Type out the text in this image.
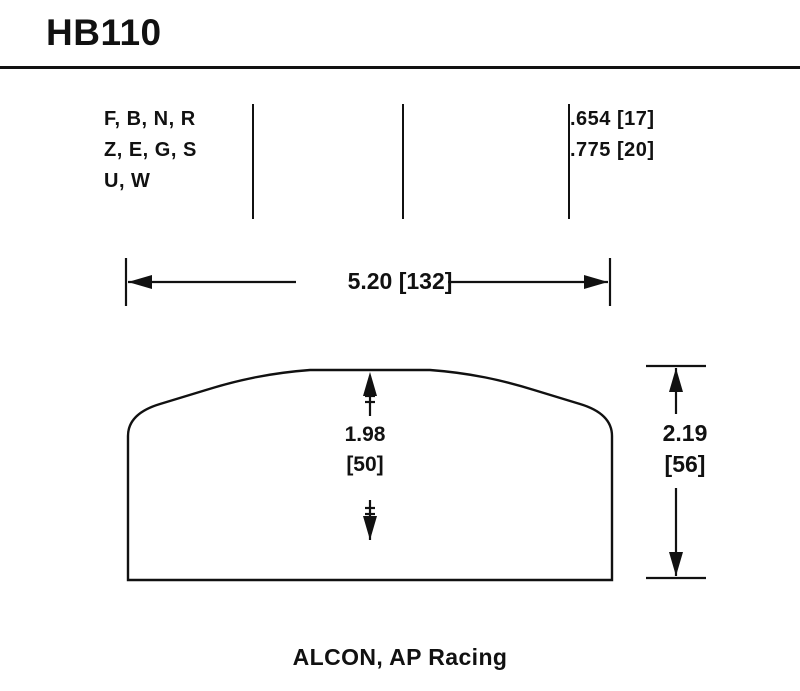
HB110
F, B, N, R
Z, E, G, S
U, W
.654 [17]
.775 [20]
5.20 [132]
2.19
[56]
1.98
[50]
ALCON, AP Racing
